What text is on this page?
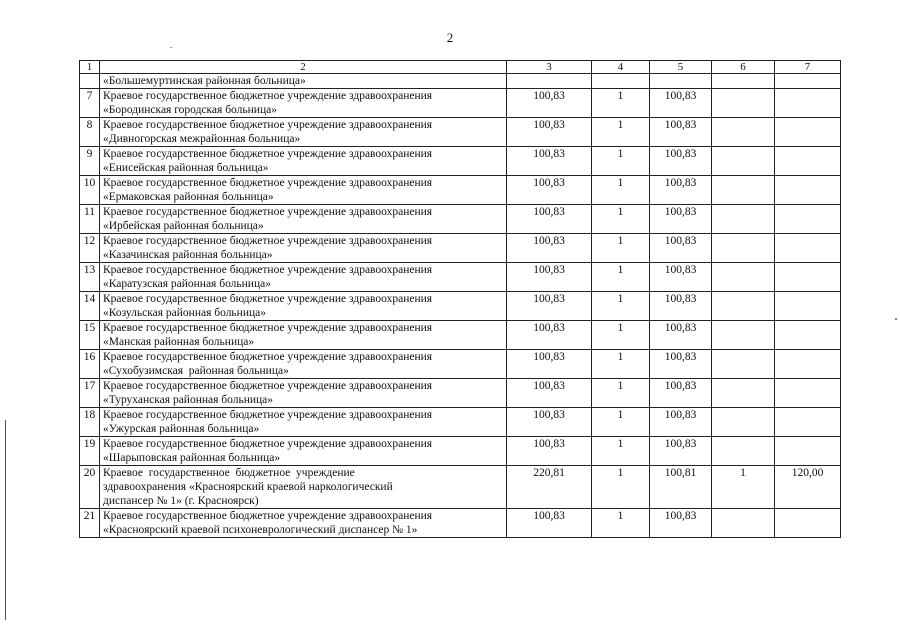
2
1	2	3	4	5	6	7
	«Большемуртинская районная больница»					
7	Краевое государственное бюджетное учреждение здравоохранения
«Бородинская городская больница»	100,83	1	100,83		
8	Краевое государственное бюджетное учреждение здравоохранения
«Дивногорская межрайонная больница»	100,83	1	100,83		
9	Краевое государственное бюджетное учреждение здравоохранения
«Енисейская районная больница»	100,83	1	100,83		
10	Краевое государственное бюджетное учреждение здравоохранения
«Ермаковская районная больница»	100,83	1	100,83		
11	Краевое государственное бюджетное учреждение здравоохранения
«Ирбейская районная больница»	100,83	1	100,83		
12	Краевое государственное бюджетное учреждение здравоохранения
«Казачинская районная больница»	100,83	1	100,83		
13	Краевое государственное бюджетное учреждение здравоохранения
«Каратузская районная больница»	100,83	1	100,83		
14	Краевое государственное бюджетное учреждение здравоохранения
«Козульская районная больница»	100,83	1	100,83		
15	Краевое государственное бюджетное учреждение здравоохранения
«Манская районная больница»	100,83	1	100,83		
16	Краевое государственное бюджетное учреждение здравоохранения
«Сухобузимская  районная больница»	100,83	1	100,83		
17	Краевое государственное бюджетное учреждение здравоохранения
«Туруханская районная больница»	100,83	1	100,83		
18	Краевое государственное бюджетное учреждение здравоохранения
«Ужурская районная больница»	100,83	1	100,83		
19	Краевое государственное бюджетное учреждение здравоохранения
«Шарыповская районная больница»	100,83	1	100,83		
20	Краевое  государственное  бюджетное  учреждение
здравоохранения «Красноярский краевой наркологический
диспансер № 1» (г. Красноярск)	220,81	1	100,81	1	120,00
21	Краевое государственное бюджетное учреждение здравоохранения
«Красноярский краевой психоневрологический диспансер № 1»	100,83	1	100,83		
